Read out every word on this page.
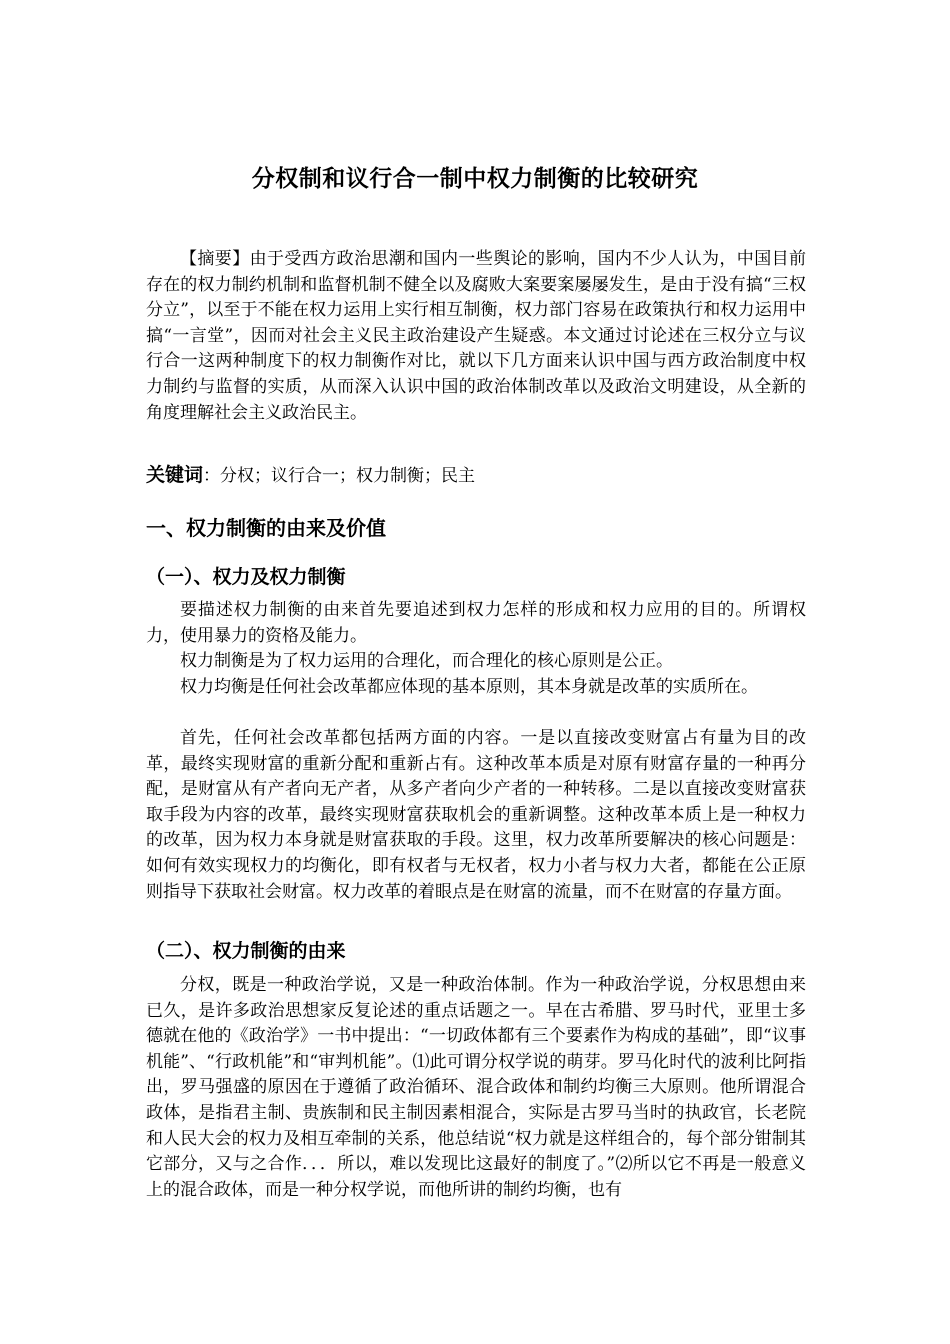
分权制和议行合一制中权力制衡的比较研究

【摘要】由于受西方政治思潮和国内一些舆论的影响，国内不少人认为，中国目前存在的权力制约机制和监督机制不健全以及腐败大案要案屡屡发生，是由于没有搞“三权分立”，以至于不能在权力运用上实行相互制衡，权力部门容易在政策执行和权力运用中搞“一言堂”，因而对社会主义民主政治建设产生疑惑。本文通过讨论述在三权分立与议行合一这两种制度下的权力制衡作对比，就以下几方面来认识中国与西方政治制度中权力制约与监督的实质，从而深入认识中国的政治体制改革以及政治文明建设，从全新的角度理解社会主义政治民主。

关键词：分权；议行合一；权力制衡；民主
一、权力制衡的由来及价值
（一）、权力及权力制衡

要描述权力制衡的由来首先要追述到权力怎样的形成和权力应用的目的。所谓权力，使用暴力的资格及能力。

权力制衡是为了权力运用的合理化，而合理化的核心原则是公正。

权力均衡是任何社会改革都应体现的基本原则，其本身就是改革的实质所在。

首先，任何社会改革都包括两方面的内容。一是以直接改变财富占有量为目的改革，最终实现财富的重新分配和重新占有。这种改革本质是对原有财富存量的一种再分配，是财富从有产者向无产者，从多产者向少产者的一种转移。二是以直接改变财富获取手段为内容的改革，最终实现财富获取机会的重新调整。这种改革本质上是一种权力的改革，因为权力本身就是财富获取的手段。这里，权力改革所要解决的核心问题是：如何有效实现权力的均衡化，即有权者与无权者，权力小者与权力大者，都能在公正原则指导下获取社会财富。权力改革的着眼点是在财富的流量，而不在财富的存量方面。

（二）、权力制衡的由来

分权，既是一种政治学说，又是一种政治体制。作为一种政治学说，分权思想由来已久，是许多政治思想家反复论述的重点话题之一。早在古希腊、罗马时代，亚里士多德就在他的《政治学》一书中提出：“一切政体都有三个要素作为构成的基础”，即“议事机能”、“行政机能”和“审判机能”。⑴此可谓分权学说的萌芽。罗马化时代的波利比阿指出，罗马强盛的原因在于遵循了政治循环、混合政体和制约均衡三大原则。他所谓混合政体，是指君主制、贵族制和民主制因素相混合，实际是古罗马当时的执政官，长老院和人民大会的权力及相互牵制的关系，他总结说“权力就是这样组合的，每个部分钳制其它部分，又与之合作．．．所以，难以发现比这最好的制度了。”⑵所以它不再是一般意义上的混合政体，而是一种分权学说，而他所讲的制约均衡，也有
